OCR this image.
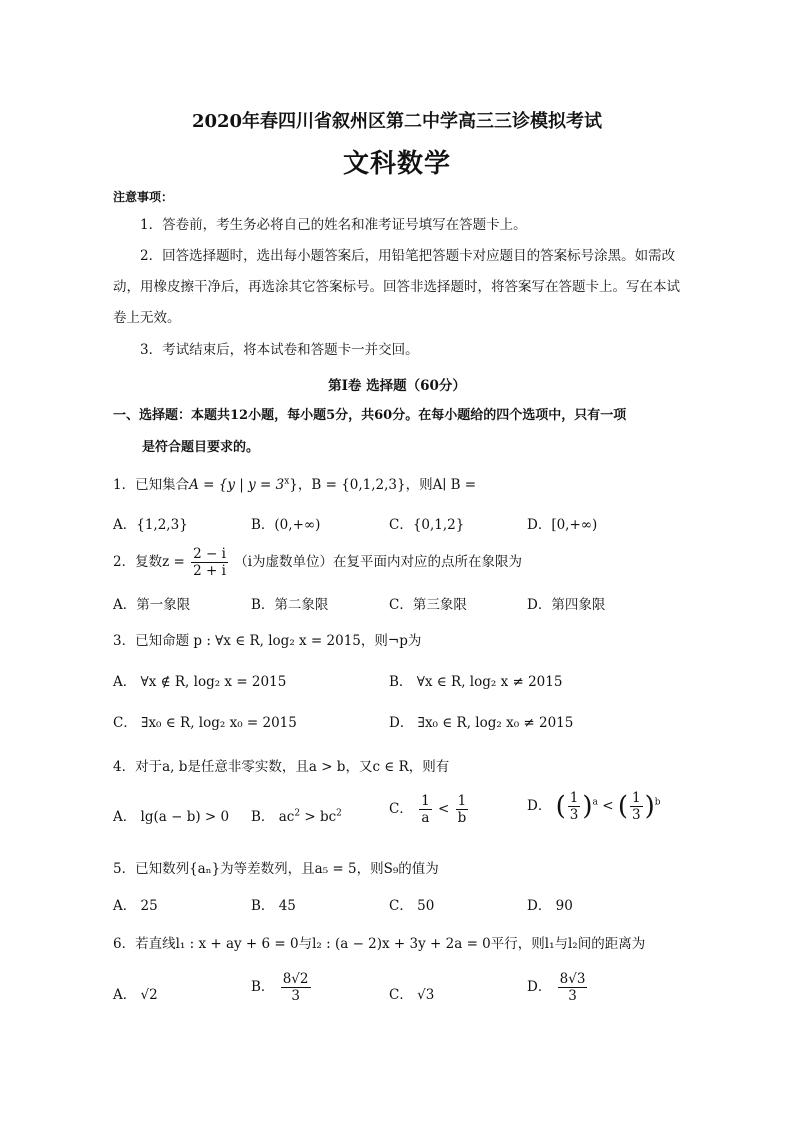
2020年春四川省叙州区第二中学高三三诊模拟考试
文科数学
注意事项：
1．答卷前，考生务必将自己的姓名和准考证号填写在答题卡上。
2．回答选择题时，选出每小题答案后，用铅笔把答题卡对应题目的答案标号涂黑。如需改动，用橡皮擦干净后，再选涂其它答案标号。回答非选择题时，将答案写在答题卡上。写在本试卷上无效。
3．考试结束后，将本试卷和答题卡一并交回。
第Ⅰ卷 选择题（60分）
一、选择题：本题共12小题，每小题5分，共60分。在每小题给的四个选项中，只有一项
是符合题目要求的。
1．已知集合A = {y | $y = 3^x$}，B = {0,1,2,3}，则A∣ B =
A．{1,2,3}	B．(0,+∞)	C．{0,1,2}	D．[0,+∞)
2．复数$z = \frac{2 - i}{2 + i} (i$为虚数单位）在复平面内对应的点所在象限为
A．第一象限	B．第二象限	C．第三象限	D．第四象限
3．已知命题 p : ∀x ∈ R, log₂ x = 2015，则¬p为
A． ∀x ∉ R, log₂ x = 2015	B． ∀x ∈ R, log₂ x ≠ 2015
C． ∃x₀ ∈ R, log₂ x₀ = 2015	D． ∃x₀ ∈ R, log₂ x₀ ≠ 2015
4．对于a, b是任意非零实数，且a > b，又c ∈ R，则有
A． lg(a − b) > 0 B． $ac^2 > bc^2$	C． $\frac{1}{a} < \frac{1}{b}$	D． ( $\frac{1}{3} )^a$ < ( $\frac{1}{3} )^b$
5．已知数列{aₙ}为等差数列，且a₅ = 5，则S₉的值为
A． 25	B． 45	C． 50	D． 90
6．若直线l₁ : x + ay + 6 = 0与l₂ : (a − 2)x + 3y + 2a = 0平行，则l₁与l₂间的距离为
A． √2	B． $\frac{8√2}{3}$	C． √3	D． $\frac{8√3}{3}$
